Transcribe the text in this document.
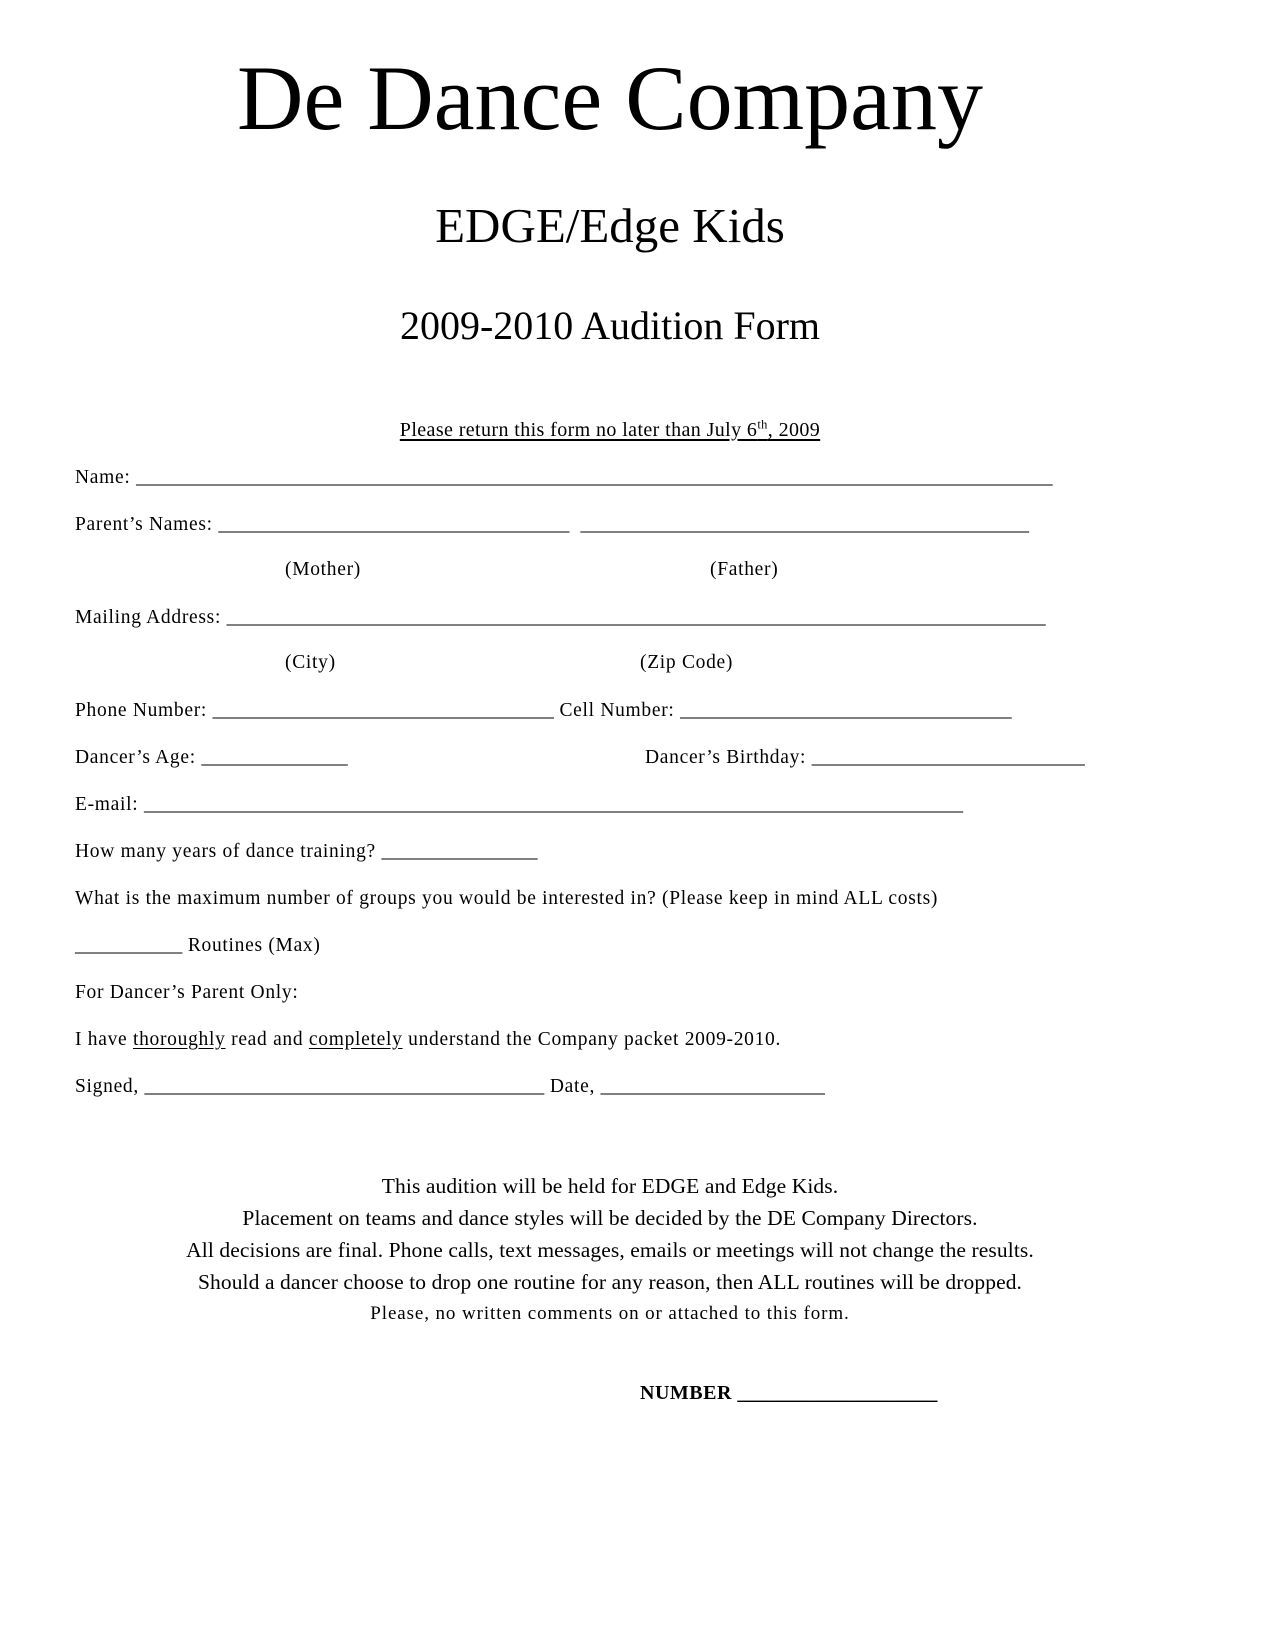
De Dance Company
EDGE/Edge Kids
2009-2010 Audition Form

Please return this form no later than July 6th, 2009

Name: ______________________________________________________________________________________________

Parent’s Names: ____________________________________ ______________________________________________

(Mother)	(Father)

Mailing Address: ____________________________________________________________________________________

(City)	(Zip Code)

Phone Number: ___________________________________ Cell Number: __________________________________

Dancer’s Age: _______________	Dancer’s Birthday: ____________________________

E-mail: ____________________________________________________________________________________

How many years of dance training? ________________

What is the maximum number of groups you would be interested in? (Please keep in mind ALL costs)

___________ Routines (Max)

For Dancer’s Parent Only:

I have thoroughly read and completely understand the Company packet 2009-2010.

Signed, _________________________________________ Date, _______________________

This audition will be held for EDGE and Edge Kids.
Placement on teams and dance styles will be decided by the DE Company Directors.
All decisions are final. Phone calls, text messages, emails or meetings will not change the results.
Should a dancer choose to drop one routine for any reason, then ALL routines will be dropped.
Please, no written comments on or attached to this form.

NUMBER ____________________
